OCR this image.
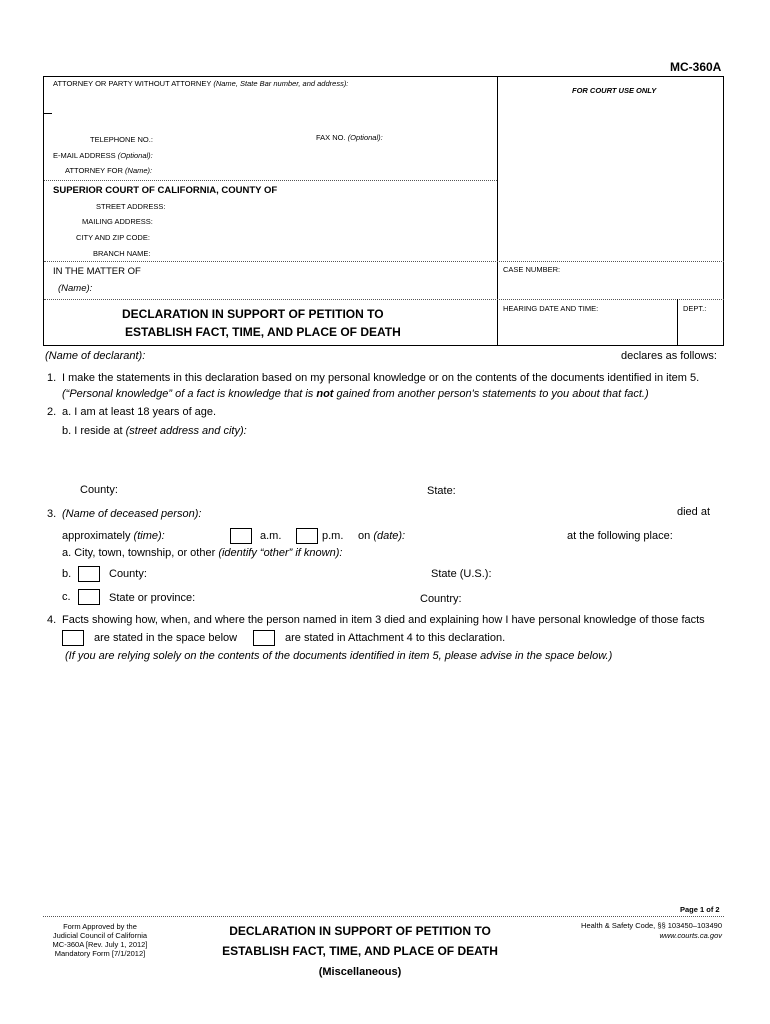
MC-360A
ATTORNEY OR PARTY WITHOUT ATTORNEY (Name, State Bar number, and address):
FOR COURT USE ONLY
TELEPHONE NO.:	FAX NO. (Optional):
E-MAIL ADDRESS (Optional):
ATTORNEY FOR (Name):
SUPERIOR COURT OF CALIFORNIA, COUNTY OF
STREET ADDRESS:
MAILING ADDRESS:
CITY AND ZIP CODE:
BRANCH NAME:
IN THE MATTER OF
(Name):
CASE NUMBER:
DECLARATION IN SUPPORT OF PETITION TO
ESTABLISH FACT, TIME, AND PLACE OF DEATH
HEARING DATE AND TIME:	DEPT.:
(Name of declarant):	declares as follows:
1. I make the statements in this declaration based on my personal knowledge or on the contents of the documents identified in item 5.
(“Personal knowledge” of a fact is knowledge that is not gained from another person's statements to you about that fact.)
2. a. I am at least 18 years of age.
b. I reside at (street address and city):
County:	State:
3. (Name of deceased person):	died at
approximately (time):	a.m.	p.m. on (date):	at the following place:
a. City, town, township, or other (identify “other” if known):
b.	County:	State (U.S.):
c.	State or province:	Country:
4. Facts showing how, when, and where the person named in item 3 died and explaining how I have personal knowledge of those facts
are stated in the space below	are stated in Attachment 4 to this declaration.
(If you are relying solely on the contents of the documents identified in item 5, please advise in the space below.)
Page 1 of 2
Form Approved by the
Judicial Council of California
MC-360A [Rev. July 1, 2012]
Mandatory Form [7/1/2012]
DECLARATION IN SUPPORT OF PETITION TO
ESTABLISH FACT, TIME, AND PLACE OF DEATH
(Miscellaneous)
Health & Safety Code, §§ 103450–103490
www.courts.ca.gov
